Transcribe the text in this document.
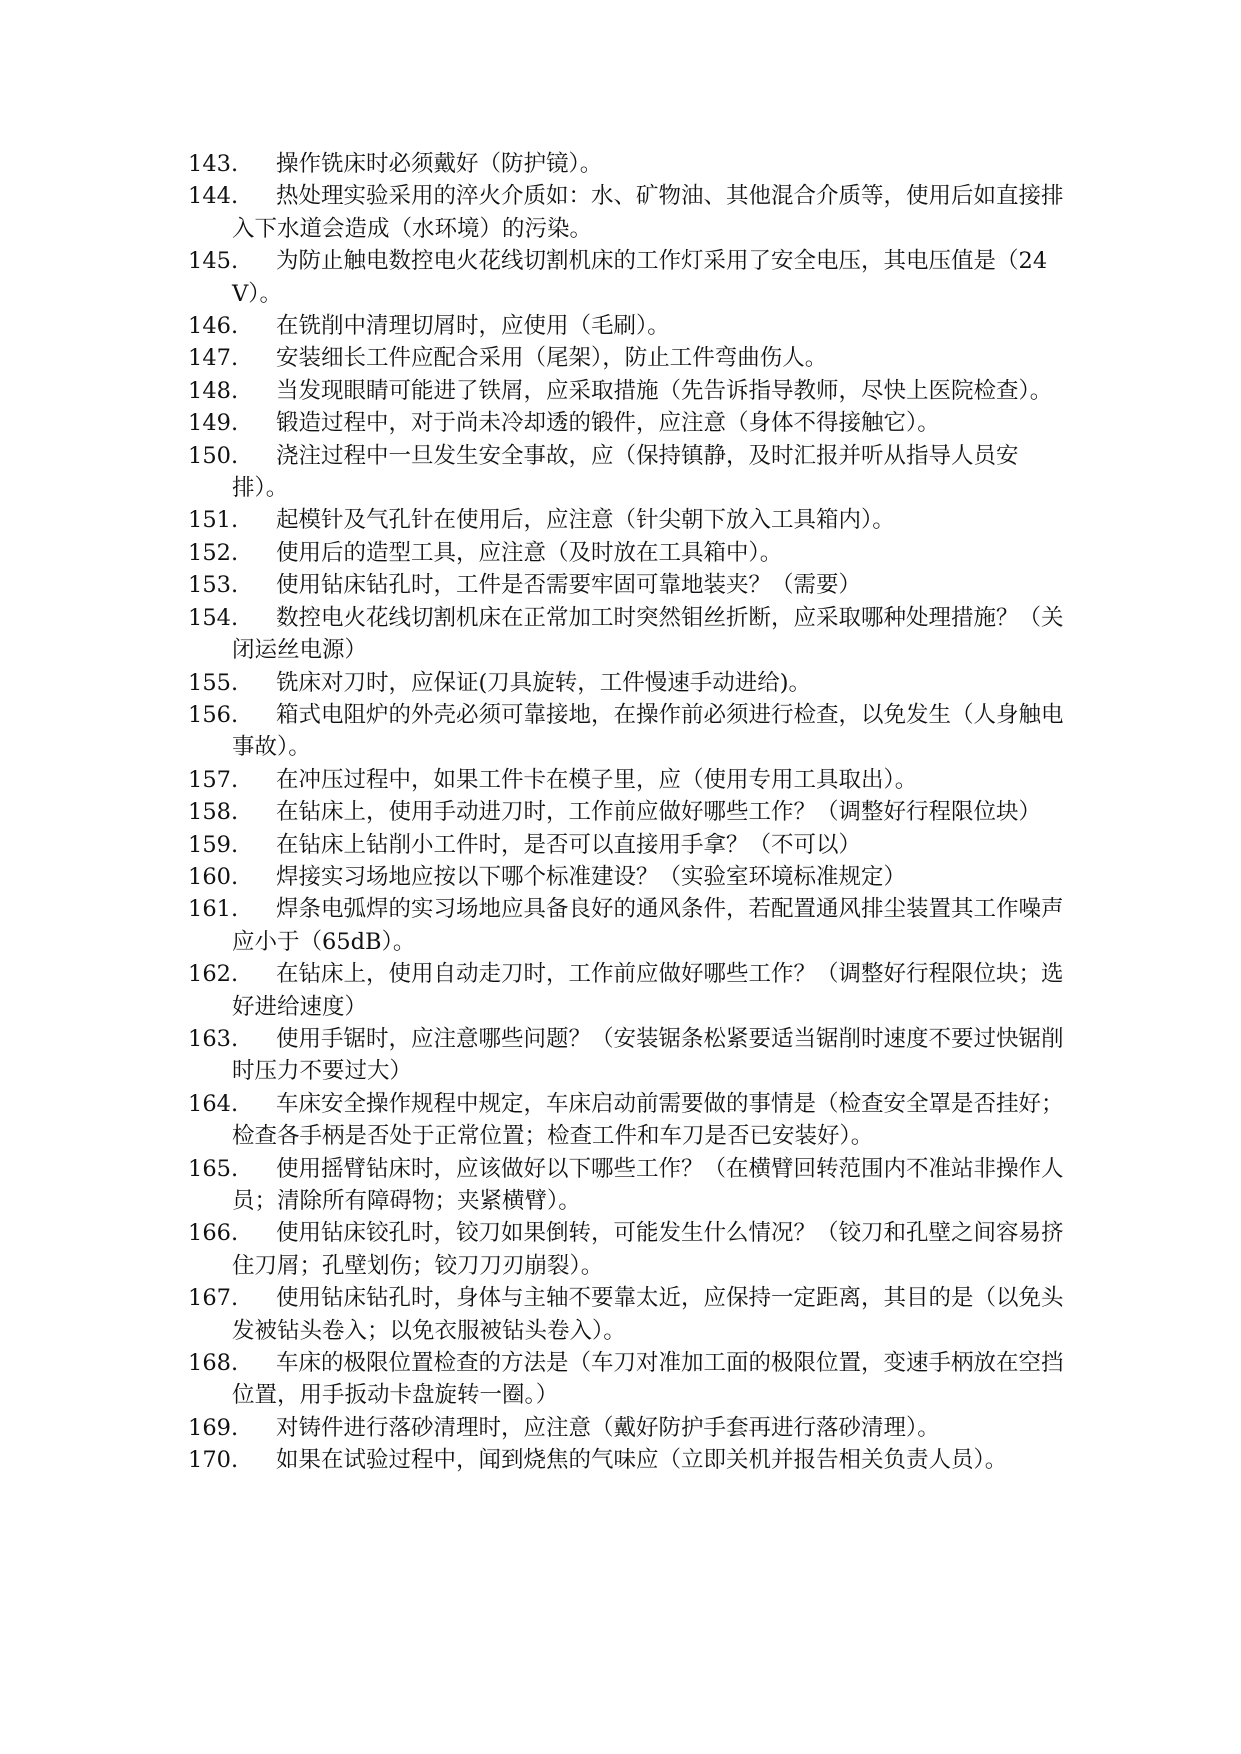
143. 操作铣床时必须戴好（防护镜）。

144. 热处理实验采用的淬火介质如：水、矿物油、其他混合介质等，使用后如直接排入下水道会造成（水环境）的污染。

145. 为防止触电数控电火花线切割机床的工作灯采用了安全电压，其电压值是（24V）。

146. 在铣削中清理切屑时，应使用（毛刷）。

147. 安装细长工件应配合采用（尾架），防止工件弯曲伤人。

148. 当发现眼睛可能进了铁屑，应采取措施（先告诉指导教师，尽快上医院检查）。

149. 锻造过程中，对于尚未冷却透的锻件，应注意（身体不得接触它）。

150. 浇注过程中一旦发生安全事故，应（保持镇静，及时汇报并听从指导人员安排）。

151. 起模针及气孔针在使用后，应注意（针尖朝下放入工具箱内）。

152. 使用后的造型工具，应注意（及时放在工具箱中）。

153. 使用钻床钻孔时，工件是否需要牢固可靠地装夹？（需要）

154. 数控电火花线切割机床在正常加工时突然钼丝折断，应采取哪种处理措施？（关闭运丝电源）

155. 铣床对刀时，应保证(刀具旋转，工件慢速手动进给)。

156. 箱式电阻炉的外壳必须可靠接地，在操作前必须进行检查，以免发生（人身触电事故）。

157. 在冲压过程中，如果工件卡在模子里，应（使用专用工具取出）。

158. 在钻床上，使用手动进刀时，工作前应做好哪些工作？（调整好行程限位块）

159. 在钻床上钻削小工件时，是否可以直接用手拿？（不可以）

160. 焊接实习场地应按以下哪个标准建设？（实验室环境标准规定）

161. 焊条电弧焊的实习场地应具备良好的通风条件，若配置通风排尘装置其工作噪声应小于（65dB）。

162. 在钻床上，使用自动走刀时，工作前应做好哪些工作？（调整好行程限位块；选好进给速度）

163. 使用手锯时，应注意哪些问题？（安装锯条松紧要适当锯削时速度不要过快锯削时压力不要过大）

164. 车床安全操作规程中规定，车床启动前需要做的事情是（检查安全罩是否挂好；检查各手柄是否处于正常位置；检查工件和车刀是否已安装好）。

165. 使用摇臂钻床时，应该做好以下哪些工作？（在横臂回转范围内不准站非操作人员；清除所有障碍物；夹紧横臂）。

166. 使用钻床铰孔时，铰刀如果倒转，可能发生什么情况？（铰刀和孔壁之间容易挤住刀屑；孔壁划伤；铰刀刀刃崩裂）。

167. 使用钻床钻孔时，身体与主轴不要靠太近，应保持一定距离，其目的是（以免头发被钻头卷入；以免衣服被钻头卷入）。

168. 车床的极限位置检查的方法是（车刀对准加工面的极限位置，变速手柄放在空挡位置，用手扳动卡盘旋转一圈。）

169. 对铸件进行落砂清理时，应注意（戴好防护手套再进行落砂清理）。

170. 如果在试验过程中，闻到烧焦的气味应（立即关机并报告相关负责人员）。
